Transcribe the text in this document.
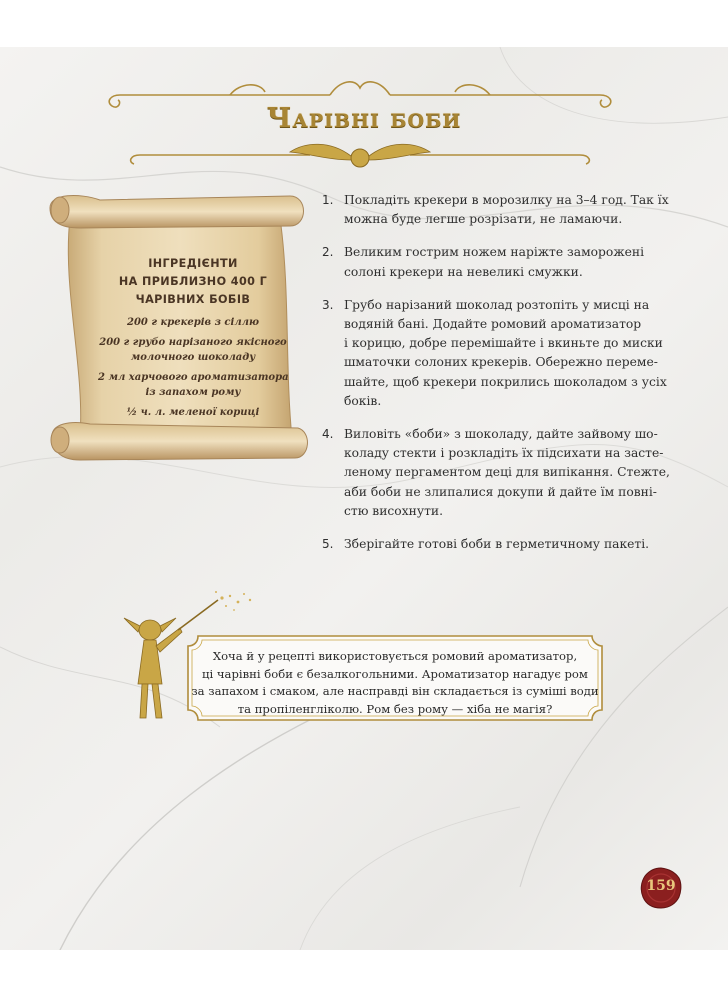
Чарівні боби
ІНГРЕДІЄНТИ
НА ПРИБЛИЗНО 400 Г
ЧАРІВНИХ БОБІВ
200 г крекерів з сіллю
200 г грубо нарізаного якісного
молочного шоколаду
2 мл харчового ароматизатора
із запахом рому
½ ч. л. меленої кориці
1. Покладіть крекери в морозилку на 3–4 год. Так їх
можна буде легше розрізати, не ламаючи.
2. Великим гострим ножем наріжте заморожені
солоні крекери на невеликі смужки.
3. Грубо нарізаний шоколад розтопіть у мисці на
водяній бані. Додайте ромовий ароматизатор
і корицю, добре перемішайте і вкиньте до миски
шматочки солоних крекерів. Обережно переме-
шайте, щоб крекери покрились шоколадом з усіх
боків.
4. Виловіть «боби» з шоколаду, дайте зайвому шо-
коладу стекти і розкладіть їх підсихати на засте-
леному пергаментом деці для випікання. Стежте,
аби боби не злипалися докупи й дайте їм повні-
стю висохнути.
5. Зберігайте готові боби в герметичному пакеті.
Хоча й у рецепті використовується ромовий ароматизатор,
ці чарівні боби є безалкогольними. Ароматизатор нагадує ром
за запахом і смаком, але насправді він складається із суміші води
та пропіленгліколю. Ром без рому — хіба не магія?
159
